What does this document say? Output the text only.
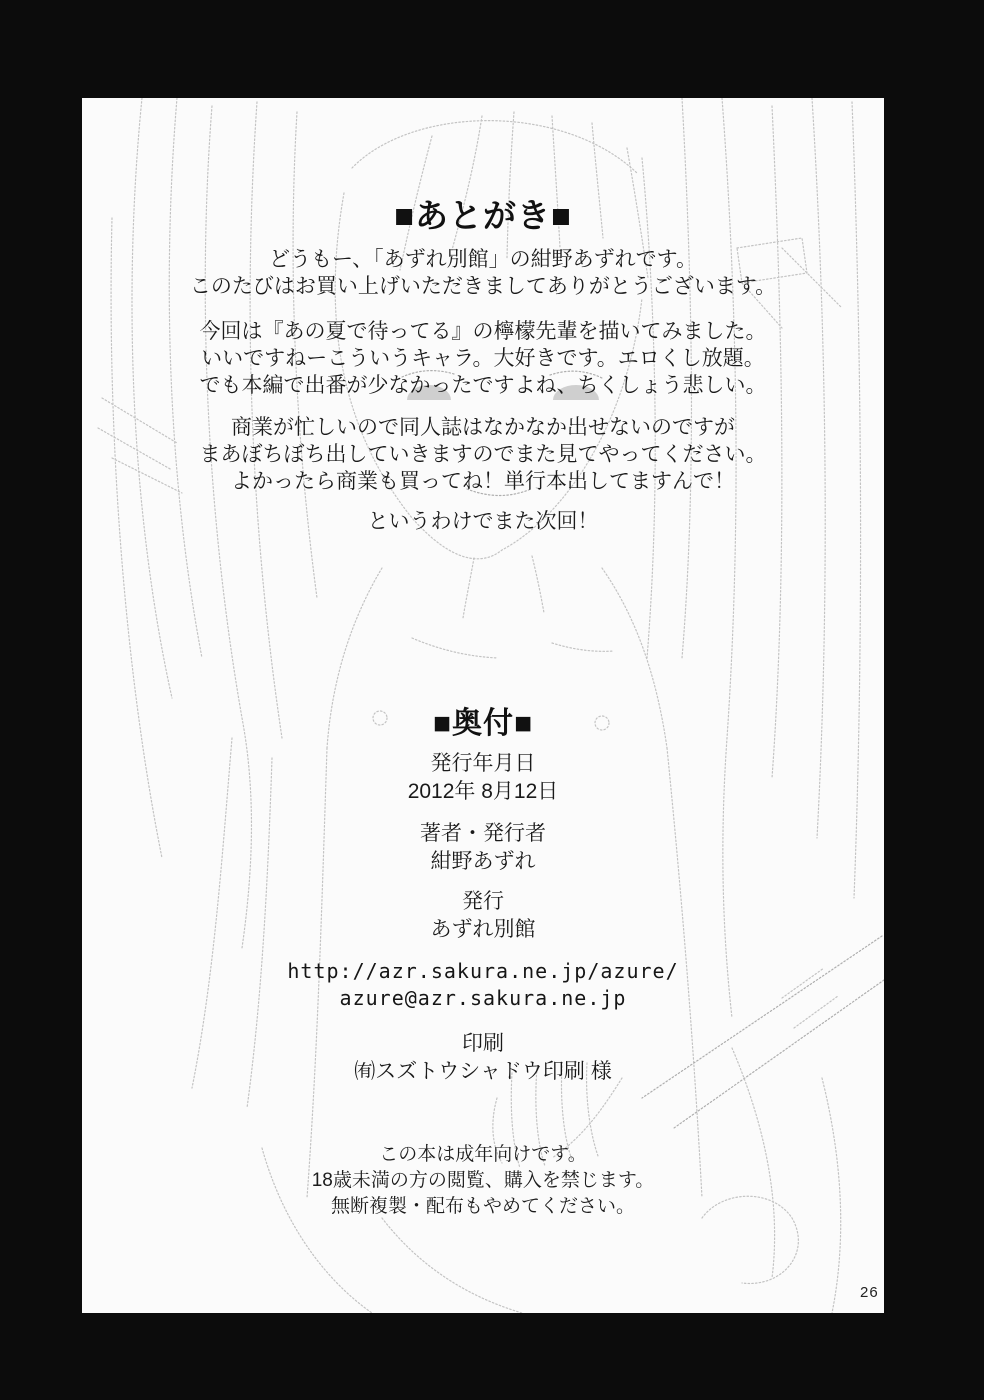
■あとがき■
どうもー、「あずれ別館」の紺野あずれです。
このたびはお買い上げいただきましてありがとうございます。
今回は『あの夏で待ってる』の檸檬先輩を描いてみました。
いいですねーこういうキャラ。大好きです。エロくし放題。
でも本編で出番が少なかったですよね、ちくしょう悲しい。
商業が忙しいので同人誌はなかなか出せないのですが
まあぼちぼち出していきますのでまた見てやってください。
よかったら商業も買ってね！単行本出してますんで！
というわけでまた次回！
■奥付■
発行年月日
2012年 8月12日
著者・発行者
紺野あずれ
発行
あずれ別館
http://azr.sakura.ne.jp/azure/
azure@azr.sakura.ne.jp
印刷
㈲スズトウシャドウ印刷 様
この本は成年向けです。
18歳未満の方の閲覧、購入を禁じます。
無断複製・配布もやめてください。
26
